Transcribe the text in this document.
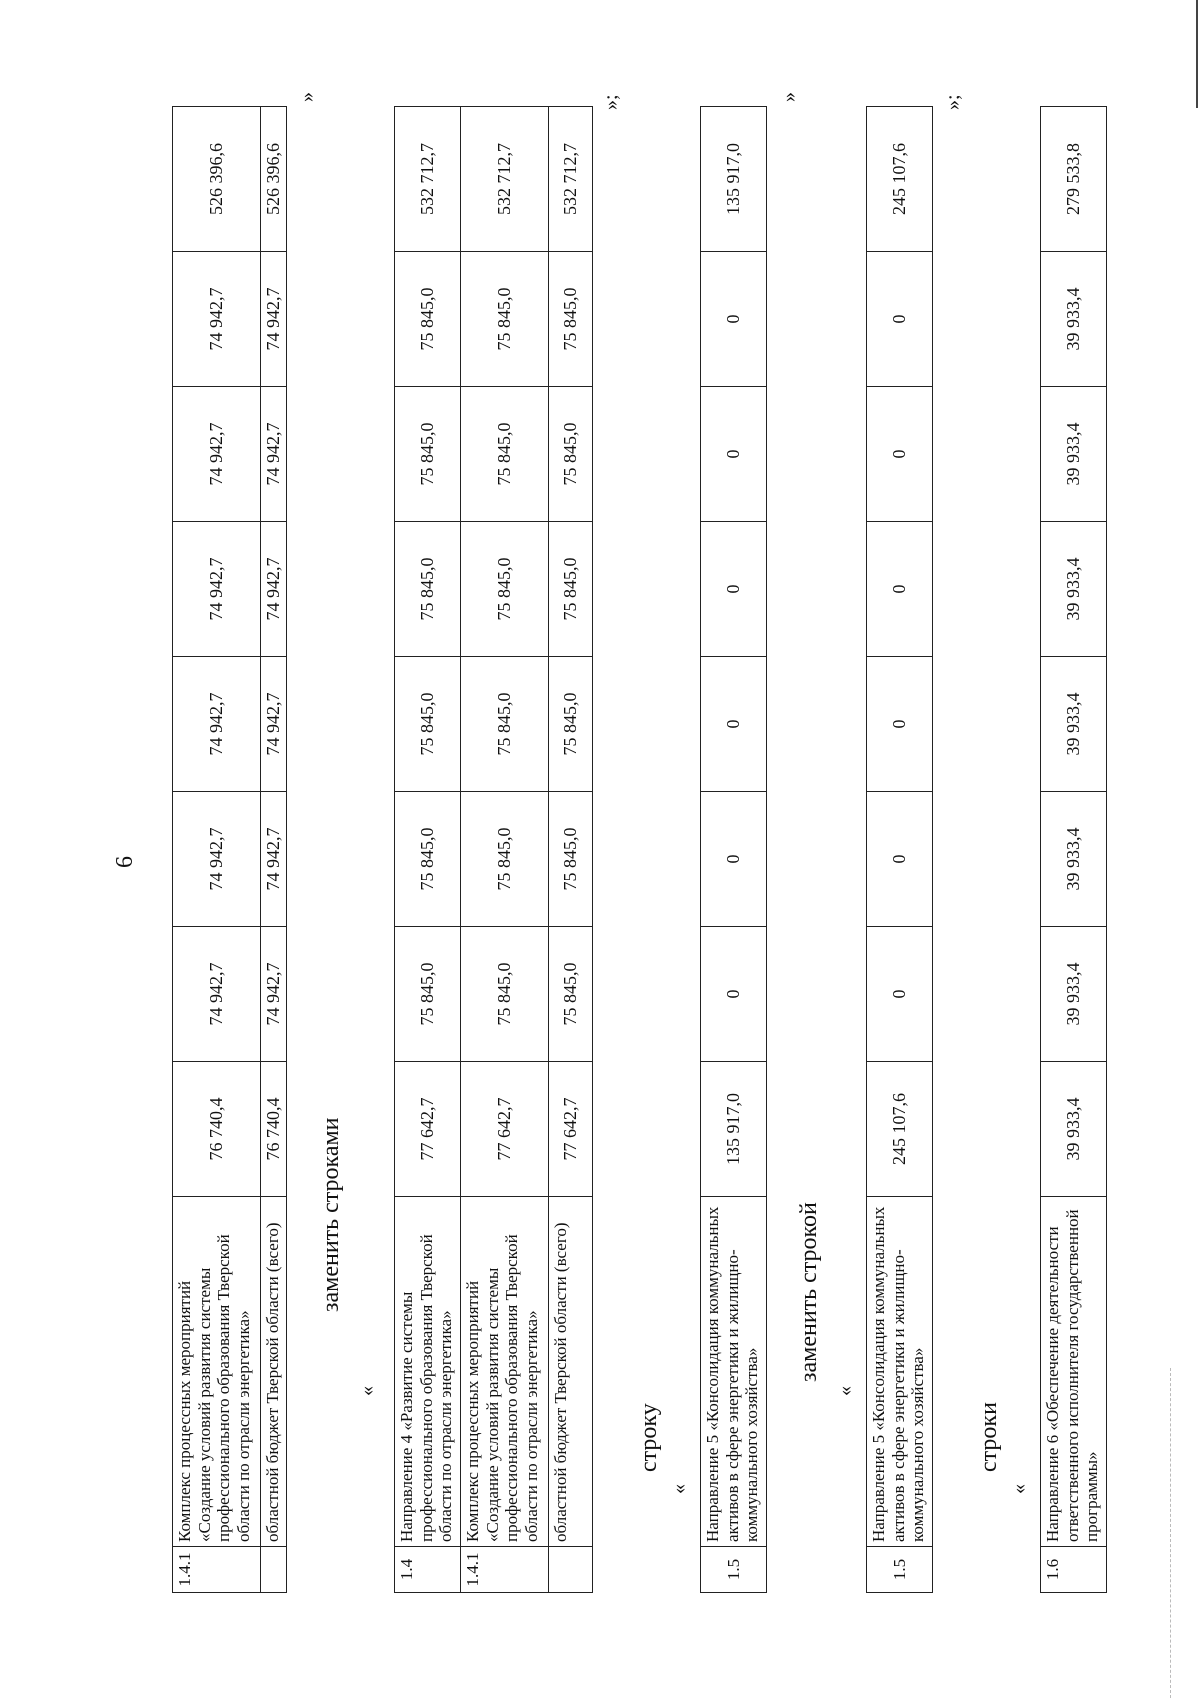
6
1.4.1	Комплекс процессных мероприятий «Создание условий развития системы профессионального образования Тверской области по отрасли энергетика»	76 740,4	74 942,7	74 942,7	74 942,7	74 942,7	74 942,7	74 942,7	526 396,6
	областной бюджет Тверской области (всего)	76 740,4	74 942,7	74 942,7	74 942,7	74 942,7	74 942,7	74 942,7	526 396,6
»
заменить строками
«
1.4	Направление 4 «Развитие системы профессионального образования Тверской области по отрасли энергетика»	77 642,7	75 845,0	75 845,0	75 845,0	75 845,0	75 845,0	75 845,0	532 712,7
1.4.1	Комплекс процессных мероприятий «Создание условий развития системы профессионального образования Тверской области по отрасли энергетика»	77 642,7	75 845,0	75 845,0	75 845,0	75 845,0	75 845,0	75 845,0	532 712,7
	областной бюджет Тверской области (всего)	77 642,7	75 845,0	75 845,0	75 845,0	75 845,0	75 845,0	75 845,0	532 712,7
»;
строку
«
1.5	Направление 5 «Консолидация коммунальных активов в сфере энергетики и жилищно-коммунального хозяйства»	135 917,0	0	0	0	0	0	0	135 917,0
»
заменить строкой
«
1.5	Направление 5 «Консолидация коммунальных активов в сфере энергетики и жилищно-коммунального хозяйства»	245 107,6	0	0	0	0	0	0	245 107,6
»;
строки
«
1.6	Направление 6 «Обеспечение деятельности ответственного исполнителя государственной программы»	39 933,4	39 933,4	39 933,4	39 933,4	39 933,4	39 933,4	39 933,4	279 533,8
